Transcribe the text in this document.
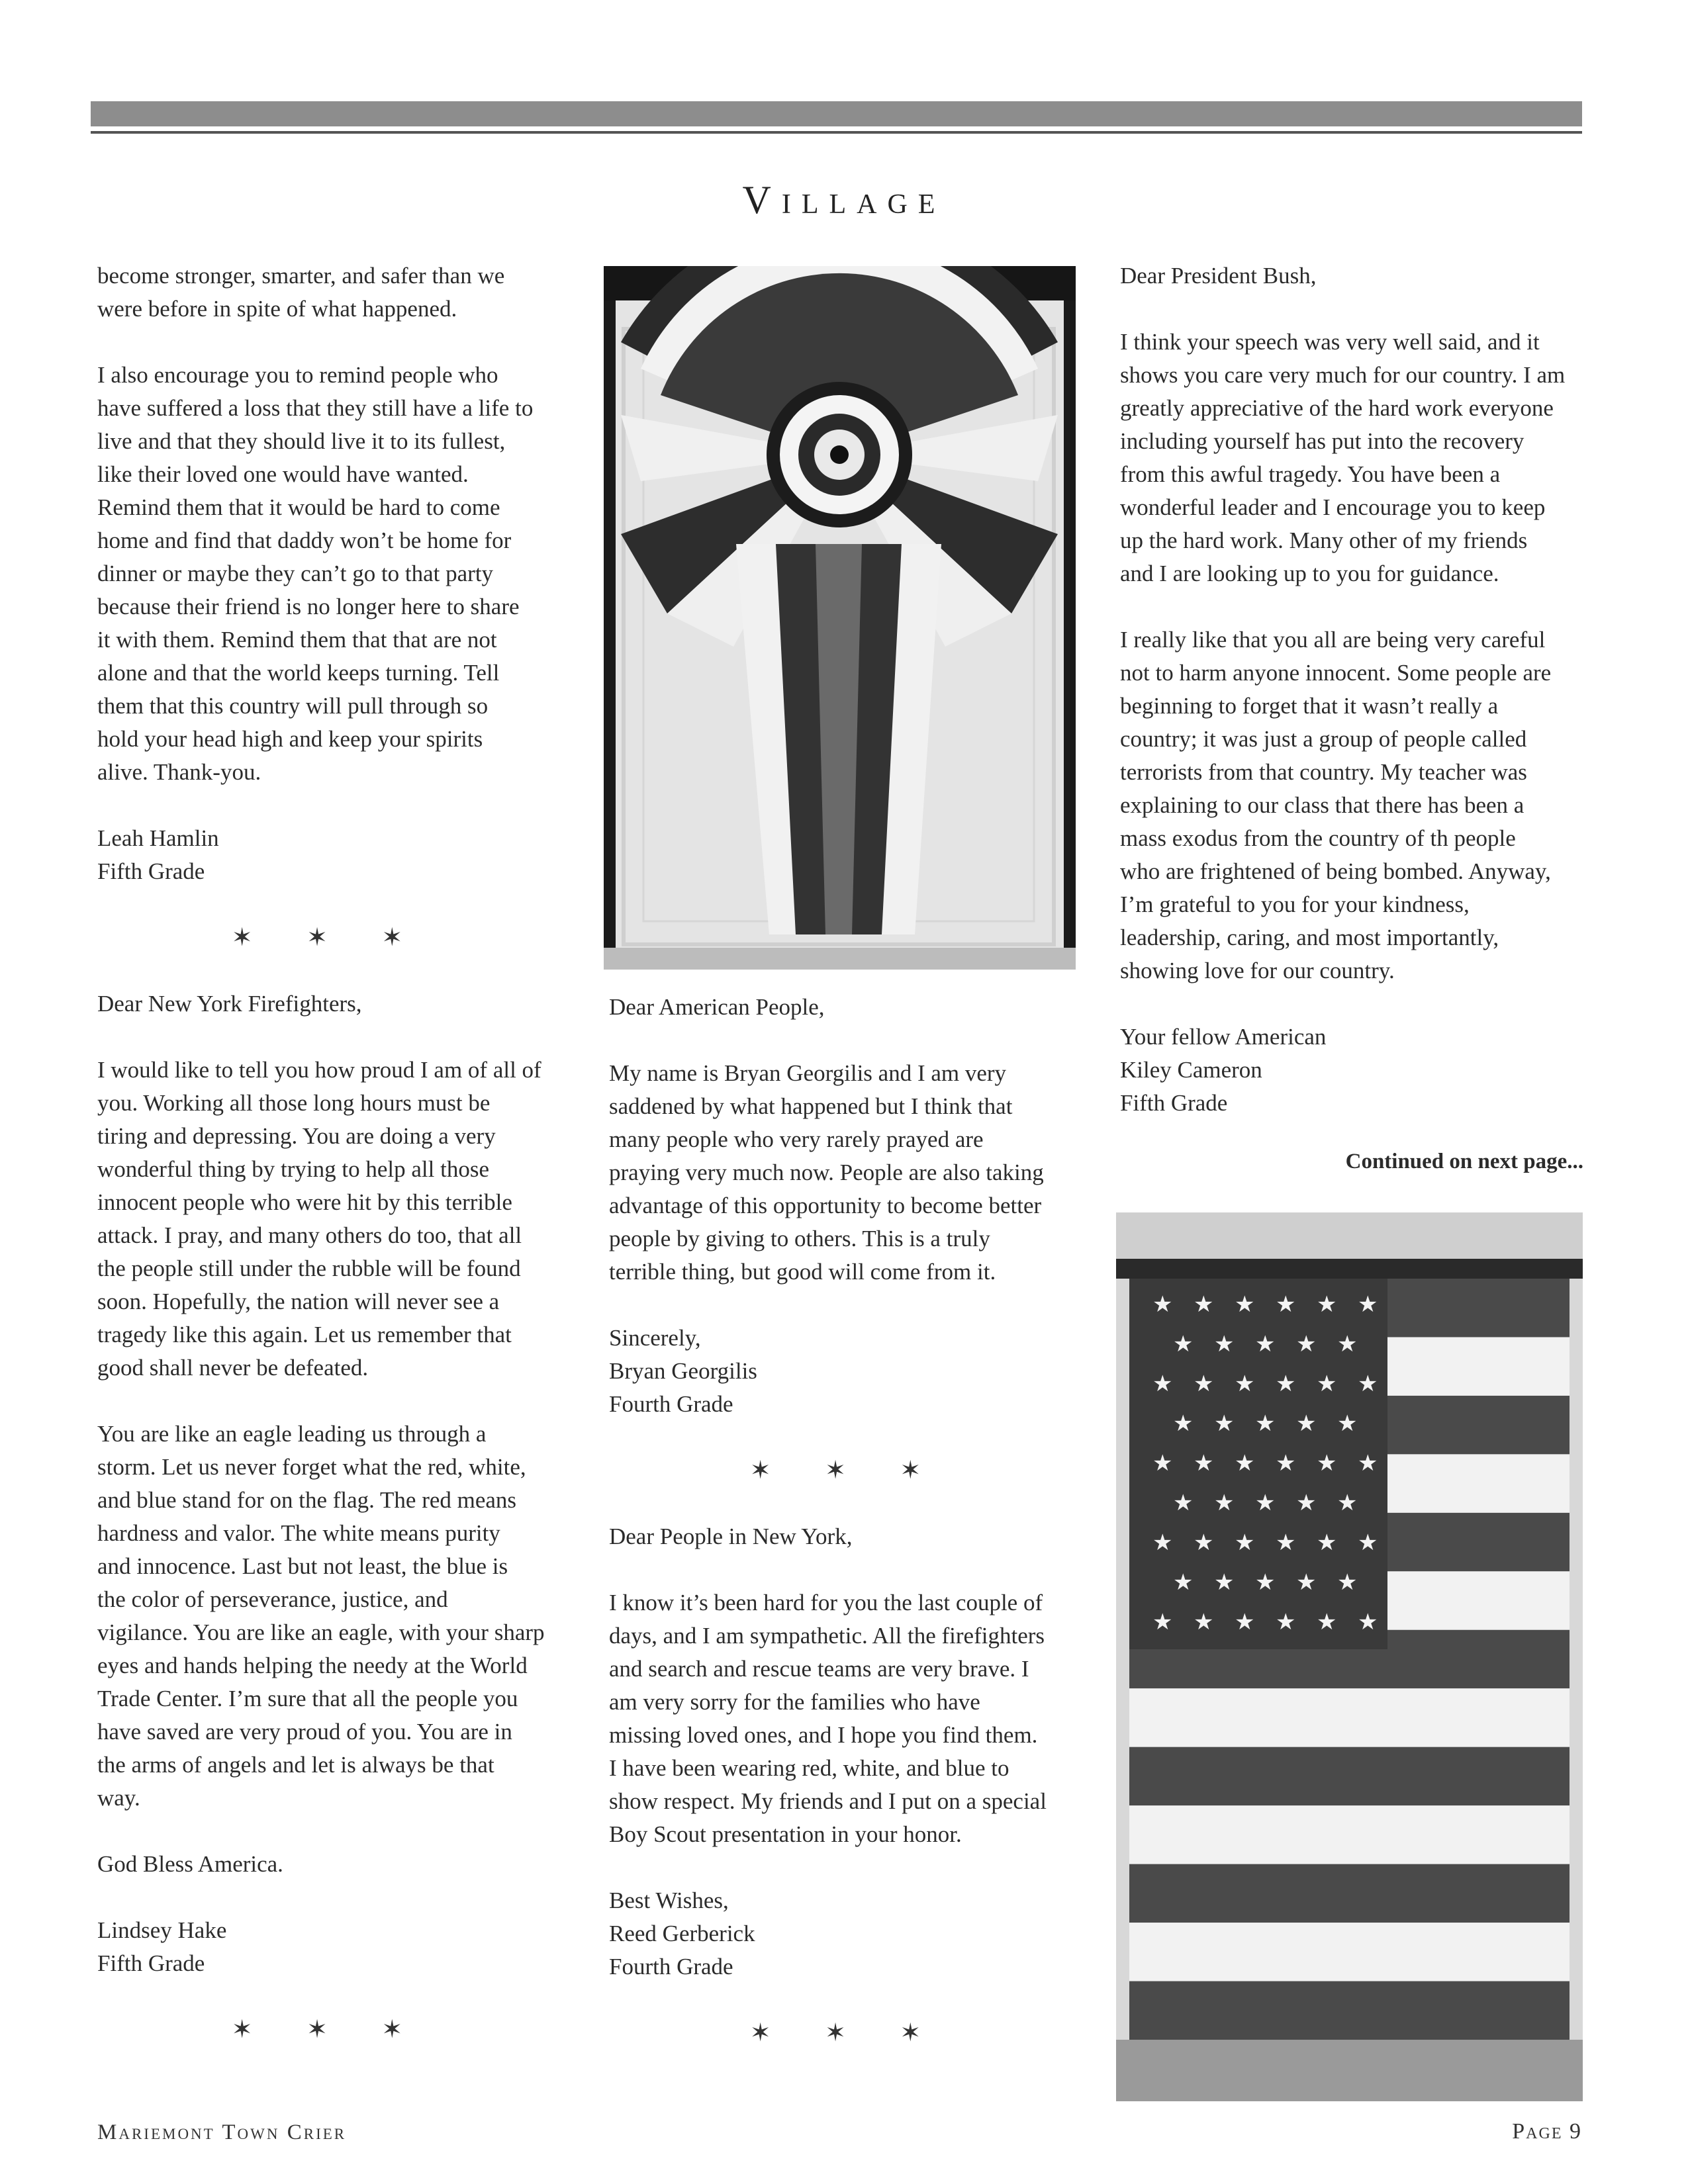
Village

become stronger, smarter, and safer than we
were before in spite of what happened.

I also encourage you to remind people who
have suffered a loss that they still have a life to
live and that they should live it to its fullest,
like their loved one would have wanted.
Remind them that it would be hard to come
home and find that daddy won’t be home for
dinner or maybe they can’t go to that party
because their friend is no longer here to share
it with them. Remind them that that are not
alone and that the world keeps turning. Tell
them that this country will pull through so
hold your head high and keep your spirits
alive. Thank-you.

Leah Hamlin
Fifth Grade

✶ ✶ ✶

Dear New York Firefighters,

I would like to tell you how proud I am of all of
you. Working all those long hours must be
tiring and depressing. You are doing a very
wonderful thing by trying to help all those
innocent people who were hit by this terrible
attack. I pray, and many others do too, that all
the people still under the rubble will be found
soon. Hopefully, the nation will never see a
tragedy like this again. Let us remember that
good shall never be defeated.

You are like an eagle leading us through a
storm. Let us never forget what the red, white,
and blue stand for on the flag. The red means
hardness and valor. The white means purity
and innocence. Last but not least, the blue is
the color of perseverance, justice, and
vigilance. You are like an eagle, with your sharp
eyes and hands helping the needy at the World
Trade Center. I’m sure that all the people you
have saved are very proud of you. You are in
the arms of angels and let is always be that
way.

God Bless America.

Lindsey Hake
Fifth Grade

✶ ✶ ✶

Dear American People,

My name is Bryan Georgilis and I am very
saddened by what happened but I think that
many people who very rarely prayed are
praying very much now. People are also taking
advantage of this opportunity to become better
people by giving to others. This is a truly
terrible thing, but good will come from it.

Sincerely,
Bryan Georgilis
Fourth Grade

✶ ✶ ✶

Dear People in New York,

I know it’s been hard for you the last couple of
days, and I am sympathetic. All the firefighters
and search and rescue teams are very brave. I
am very sorry for the families who have
missing loved ones, and I hope you find them.
I have been wearing red, white, and blue to
show respect. My friends and I put on a special
Boy Scout presentation in your honor.

Best Wishes,
Reed Gerberick
Fourth Grade

✶ ✶ ✶

Dear President Bush,

I think your speech was very well said, and it
shows you care very much for our country. I am
greatly appreciative of the hard work everyone
including yourself has put into the recovery
from this awful tragedy. You have been a
wonderful leader and I encourage you to keep
up the hard work. Many other of my friends
and I are looking up to you for guidance.

I really like that you all are being very careful
not to harm anyone innocent. Some people are
beginning to forget that it wasn’t really a
country; it was just a group of people called
terrorists from that country. My teacher was
explaining to our class that there has been a
mass exodus from the country of th people
who are frightened of being bombed. Anyway,
I’m grateful to you for your kindness,
leadership, caring, and most importantly,
showing love for our country.

Your fellow American
Kiley Cameron
Fifth Grade

Continued on next page...
★ ★ ★ ★ ★ ★
★ ★ ★ ★ ★
★ ★ ★ ★ ★ ★
★ ★ ★ ★ ★
★ ★ ★ ★ ★ ★
★ ★ ★ ★ ★
★ ★ ★ ★ ★ ★
★ ★ ★ ★ ★
★ ★ ★ ★ ★ ★
Mariemont Town Crier	Page 9
